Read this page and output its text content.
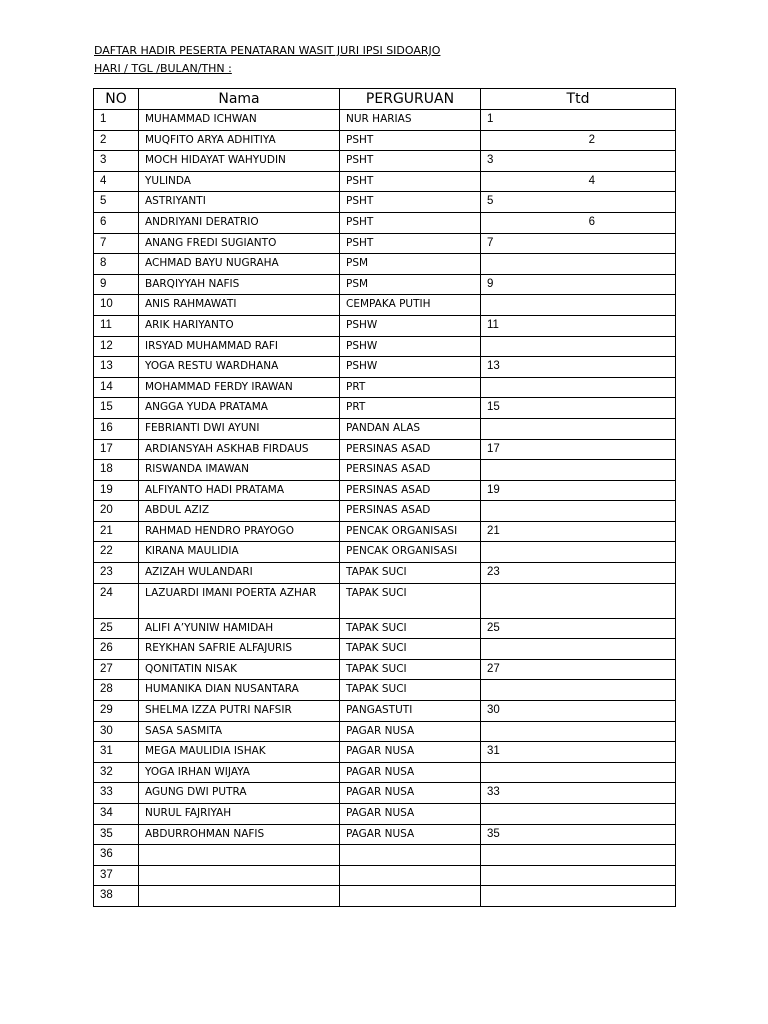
DAFTAR HADIR PESERTA PENATARAN WASIT JURI IPSI SIDOARJO
HARI / TGL /BULAN/THN :
NO	Nama	PERGURUAN	Ttd
1	MUHAMMAD ICHWAN	NUR HARIAS	1
2	MUQFITO ARYA ADHITIYA	PSHT	2
3	MOCH HIDAYAT WAHYUDIN	PSHT	3
4	YULINDA	PSHT	4
5	ASTRIYANTI	PSHT	5
6	ANDRIYANI DERATRIO	PSHT	6
7	ANANG FREDI SUGIANTO	PSHT	7
8	ACHMAD BAYU NUGRAHA	PSM	
9	BARQIYYAH NAFIS	PSM	9
10	ANIS RAHMAWATI	CEMPAKA PUTIH	
11	ARIK HARIYANTO	PSHW	11
12	IRSYAD MUHAMMAD RAFI	PSHW	
13	YOGA RESTU WARDHANA	PSHW	13
14	MOHAMMAD FERDY IRAWAN	PRT	
15	ANGGA YUDA PRATAMA	PRT	15
16	FEBRIANTI DWI AYUNI	PANDAN ALAS	
17	ARDIANSYAH ASKHAB FIRDAUS	PERSINAS ASAD	17
18	RISWANDA IMAWAN	PERSINAS ASAD	
19	ALFIYANTO HADI PRATAMA	PERSINAS ASAD	19
20	ABDUL AZIZ	PERSINAS ASAD	
21	RAHMAD HENDRO PRAYOGO	PENCAK ORGANISASI	21
22	KIRANA MAULIDIA	PENCAK ORGANISASI	
23	AZIZAH WULANDARI	TAPAK SUCI	23
24	LAZUARDI IMANI POERTA AZHAR	TAPAK SUCI	
25	ALIFI A’YUNIW HAMIDAH	TAPAK SUCI	25
26	REYKHAN SAFRIE ALFAJURIS	TAPAK SUCI	
27	QONITATIN NISAK	TAPAK SUCI	27
28	HUMANIKA DIAN NUSANTARA	TAPAK SUCI	
29	SHELMA IZZA PUTRI NAFSIR	PANGASTUTI	30
30	SASA SASMITA	PAGAR NUSA	
31	MEGA MAULIDIA ISHAK	PAGAR NUSA	31
32	YOGA IRHAN WIJAYA	PAGAR NUSA	
33	AGUNG DWI PUTRA	PAGAR NUSA	33
34	NURUL FAJRIYAH	PAGAR NUSA	
35	ABDURROHMAN NAFIS	PAGAR NUSA	35
36			
37			
38			
